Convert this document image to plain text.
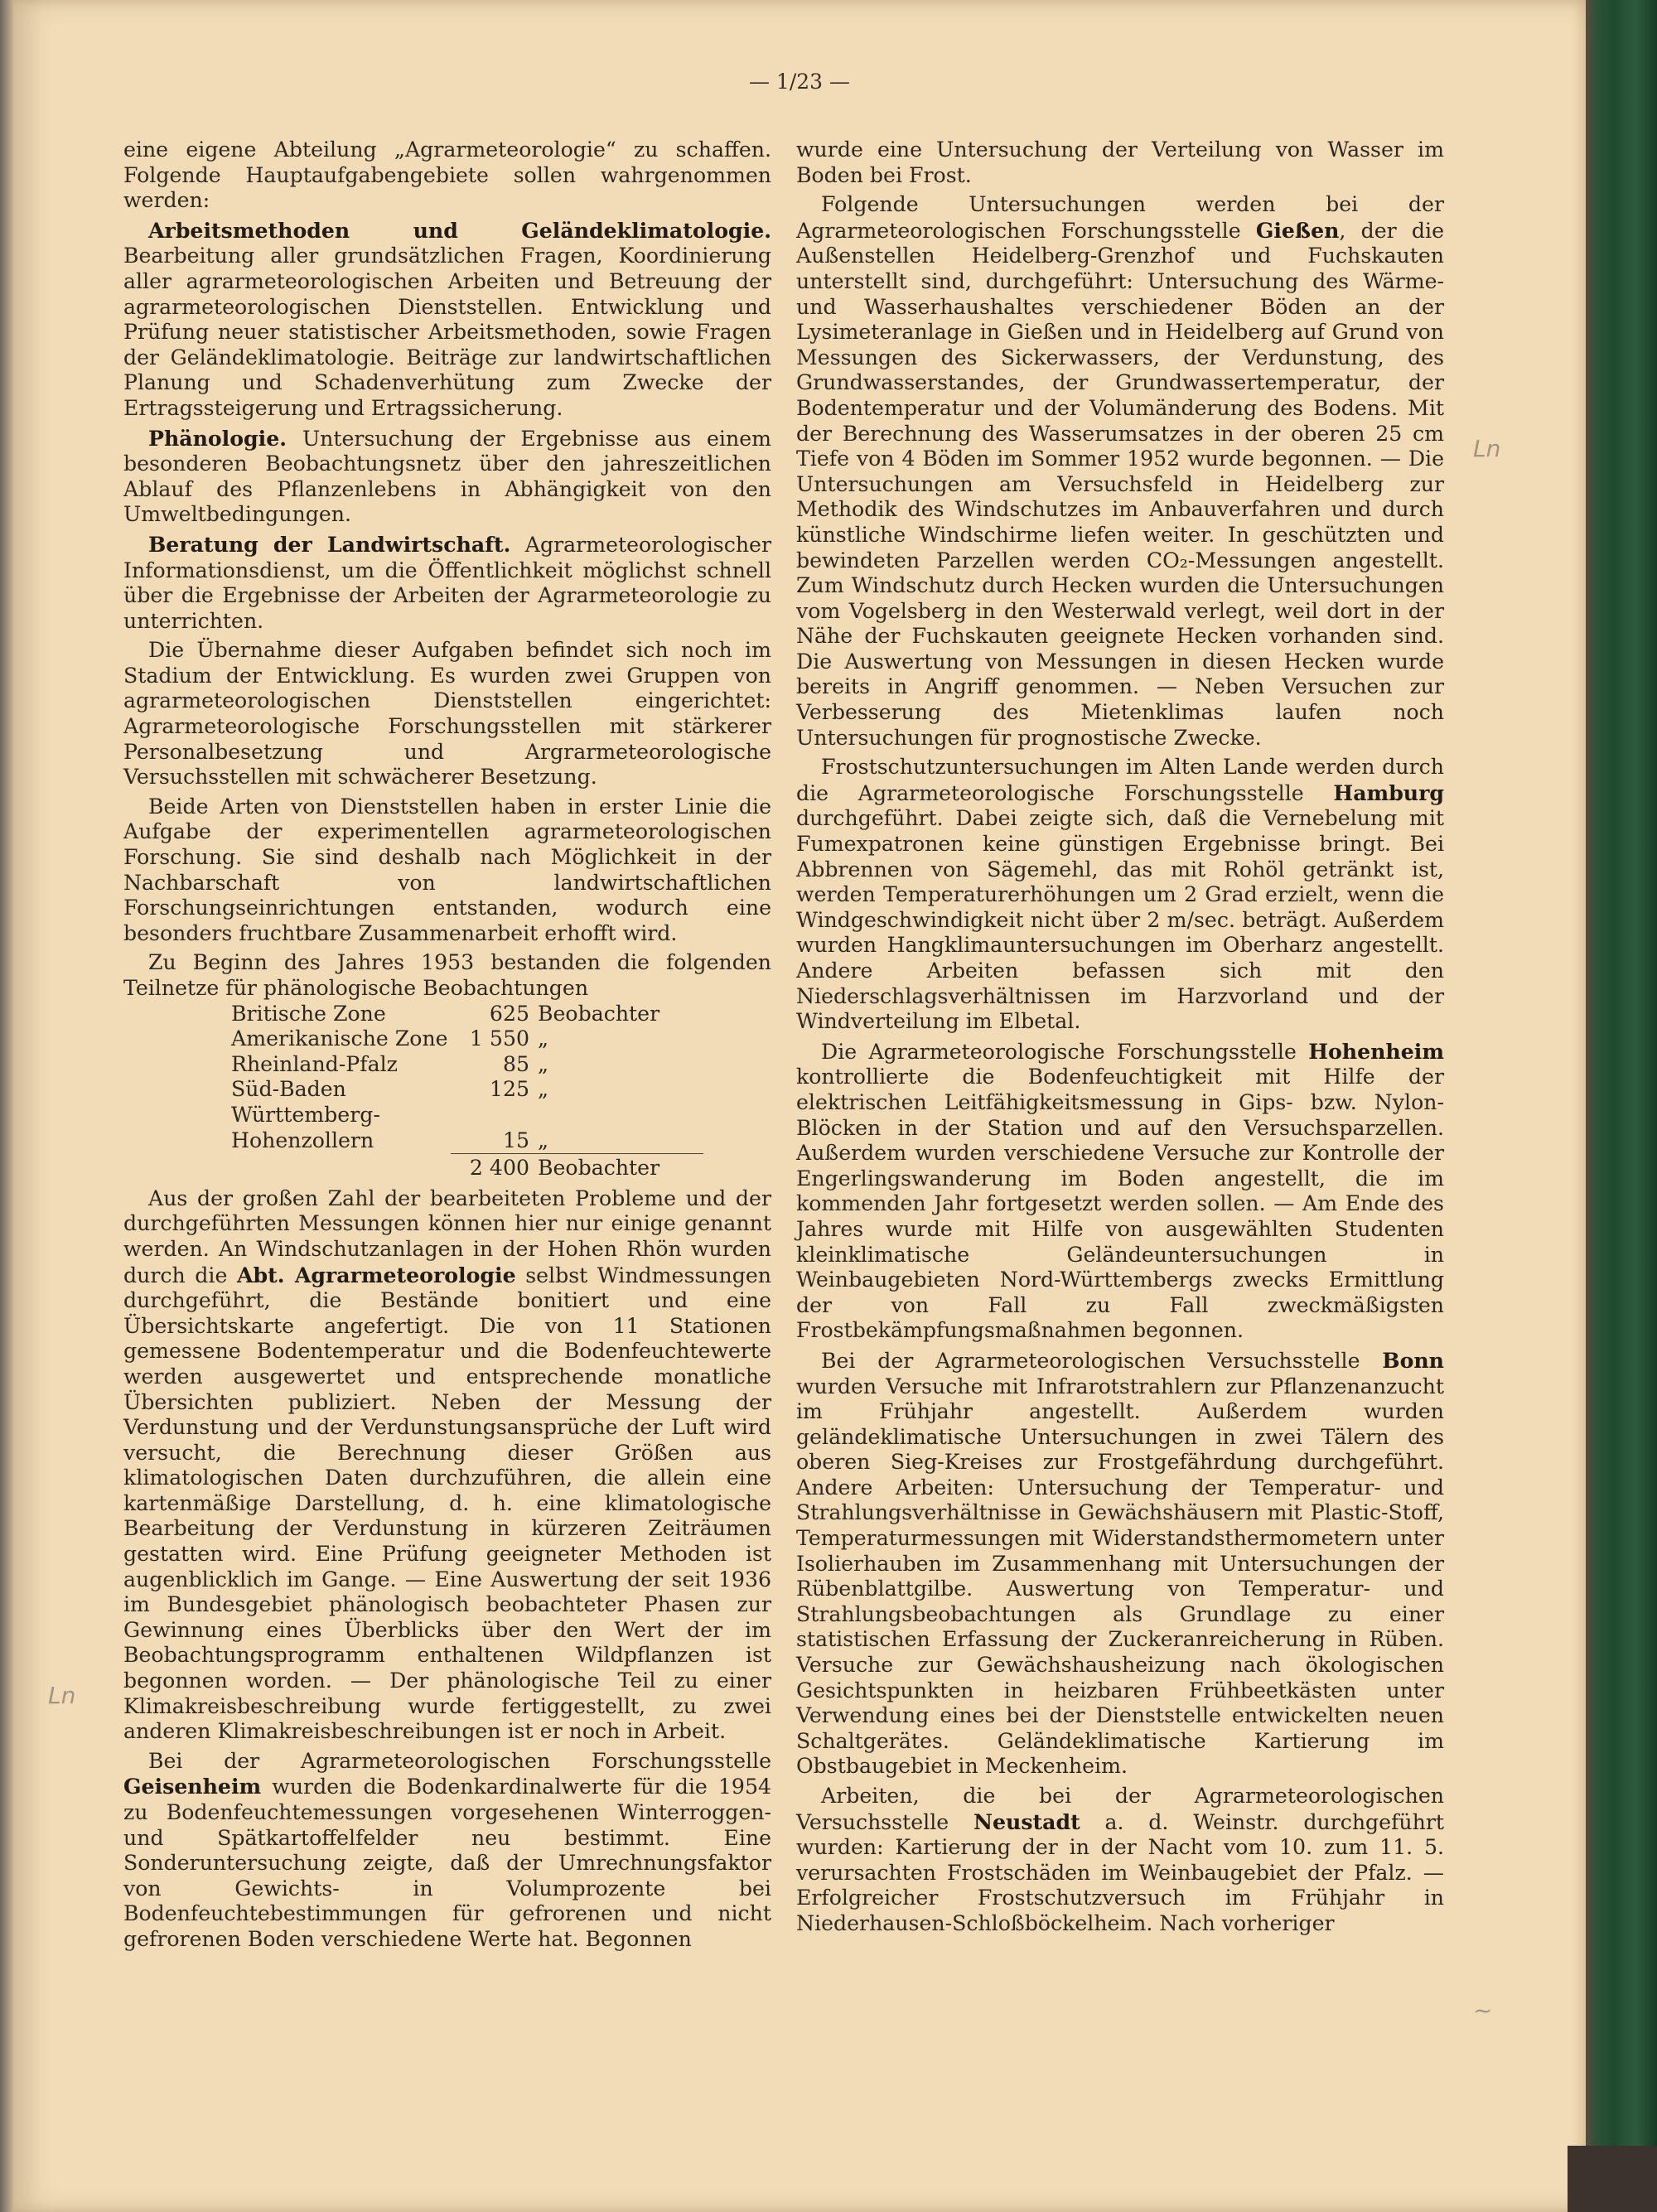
— 1/23 —

eine eigene Abteilung „Agrarmeteorologie“ zu schaffen. Folgende Hauptaufgabengebiete sollen wahrgenommen werden:

Arbeitsmethoden und Geländeklimatologie. Bearbeitung aller grundsätzlichen Fragen, Koordinierung aller agrarmeteorologischen Arbeiten und Betreuung der agrarmeteorologischen Dienststellen. Entwicklung und Prüfung neuer statistischer Arbeitsmethoden, sowie Fragen der Geländeklimatologie. Beiträge zur landwirtschaftlichen Planung und Schadenverhütung zum Zwecke der Ertragssteigerung und Ertragssicherung.

Phänologie. Untersuchung der Ergebnisse aus einem besonderen Beobachtungsnetz über den jahreszeitlichen Ablauf des Pflanzenlebens in Abhängigkeit von den Umweltbedingungen.

Beratung der Landwirtschaft. Agrarmeteorologischer Informationsdienst, um die Öffentlichkeit möglichst schnell über die Ergebnisse der Arbeiten der Agrarmeteorologie zu unterrichten.

Die Übernahme dieser Aufgaben befindet sich noch im Stadium der Entwicklung. Es wurden zwei Gruppen von agrarmeteorologischen Dienststellen eingerichtet: Agrarmeteorologische Forschungsstellen mit stärkerer Personalbesetzung und Argrarmeteorologische Versuchsstellen mit schwächerer Besetzung.

Beide Arten von Dienststellen haben in erster Linie die Aufgabe der experimentellen agrarmeteorologischen Forschung. Sie sind deshalb nach Möglichkeit in der Nachbarschaft von landwirtschaftlichen Forschungseinrichtungen entstanden, wodurch eine besonders fruchtbare Zusammenarbeit erhofft wird.

Zu Beginn des Jahres 1953 bestanden die folgenden Teilnetze für phänologische Beobachtungen

Britische Zone	625	Beobachter
Amerikanische Zone	1 550	„
Rheinland-Pfalz	85	„
Süd-Baden	125	„
Württemberg-		
Hohenzollern	15	„
	2 400	Beobachter

Aus der großen Zahl der bearbeiteten Probleme und der durchgeführten Messungen können hier nur einige genannt werden. An Windschutzanlagen in der Hohen Rhön wurden durch die Abt. Agrarmeteorologie selbst Windmessungen durchgeführt, die Bestände bonitiert und eine Übersichtskarte angefertigt. Die von 11 Stationen gemessene Bodentemperatur und die Bodenfeuchtewerte werden ausgewertet und entsprechende monatliche Übersichten publiziert. Neben der Messung der Verdunstung und der Verdunstungsansprüche der Luft wird versucht, die Berechnung dieser Größen aus klimatologischen Daten durchzuführen, die allein eine kartenmäßige Darstellung, d. h. eine klimatologische Bearbeitung der Verdunstung in kürzeren Zeiträumen gestatten wird. Eine Prüfung geeigneter Methoden ist augenblicklich im Gange. — Eine Auswertung der seit 1936 im Bundesgebiet phänologisch beobachteter Phasen zur Gewinnung eines Überblicks über den Wert der im Beobachtungsprogramm enthaltenen Wildpflanzen ist begonnen worden. — Der phänologische Teil zu einer Klimakreisbeschreibung wurde fertiggestellt, zu zwei anderen Klimakreisbeschreibungen ist er noch in Arbeit.

Bei der Agrarmeteorologischen Forschungsstelle Geisenheim wurden die Bodenkardinalwerte für die 1954 zu Bodenfeuchtemessungen vorgesehenen Winterroggen- und Spätkartoffelfelder neu bestimmt. Eine Sonderuntersuchung zeigte, daß der Umrechnungsfaktor von Gewichts- in Volumprozente bei Bodenfeuchtebestimmungen für gefrorenen und nicht gefrorenen Boden verschiedene Werte hat. Begonnen

wurde eine Untersuchung der Verteilung von Wasser im Boden bei Frost.

Folgende Untersuchungen werden bei der Agrarmeteorologischen Forschungsstelle Gießen, der die Außenstellen Heidelberg-Grenzhof und Fuchskauten unterstellt sind, durchgeführt: Untersuchung des Wärme- und Wasserhaushaltes verschiedener Böden an der Lysimeteranlage in Gießen und in Heidelberg auf Grund von Messungen des Sickerwassers, der Verdunstung, des Grundwasserstandes, der Grundwassertemperatur, der Bodentemperatur und der Volumänderung des Bodens. Mit der Berechnung des Wasserumsatzes in der oberen 25 cm Tiefe von 4 Böden im Sommer 1952 wurde begonnen. — Die Untersuchungen am Versuchsfeld in Heidelberg zur Methodik des Windschutzes im Anbauverfahren und durch künstliche Windschirme liefen weiter. In geschützten und bewindeten Parzellen werden CO₂-Messungen angestellt. Zum Windschutz durch Hecken wurden die Untersuchungen vom Vogelsberg in den Westerwald verlegt, weil dort in der Nähe der Fuchskauten geeignete Hecken vorhanden sind. Die Auswertung von Messungen in diesen Hecken wurde bereits in Angriff genommen. — Neben Versuchen zur Verbesserung des Mietenklimas laufen noch Untersuchungen für prognostische Zwecke.

Frostschutzuntersuchungen im Alten Lande werden durch die Agrarmeteorologische Forschungsstelle Hamburg durchgeführt. Dabei zeigte sich, daß die Vernebelung mit Fumexpatronen keine günstigen Ergebnisse bringt. Bei Abbrennen von Sägemehl, das mit Rohöl getränkt ist, werden Temperaturerhöhungen um 2 Grad erzielt, wenn die Windgeschwindigkeit nicht über 2 m/sec. beträgt. Außerdem wurden Hangklimauntersuchungen im Oberharz angestellt. Andere Arbeiten befassen sich mit den Niederschlagsverhältnissen im Harzvorland und der Windverteilung im Elbetal.

Die Agrarmeteorologische Forschungsstelle Hohenheim kontrollierte die Bodenfeuchtigkeit mit Hilfe der elektrischen Leitfähigkeitsmessung in Gips- bzw. Nylon-Blöcken in der Station und auf den Versuchsparzellen. Außerdem wurden verschiedene Versuche zur Kontrolle der Engerlingswanderung im Boden angestellt, die im kommenden Jahr fortgesetzt werden sollen. — Am Ende des Jahres wurde mit Hilfe von ausgewählten Studenten kleinklimatische Geländeuntersuchungen in Weinbaugebieten Nord-Württembergs zwecks Ermittlung der von Fall zu Fall zweckmäßigsten Frostbekämpfungsmaßnahmen begonnen.

Bei der Agrarmeteorologischen Versuchsstelle Bonn wurden Versuche mit Infrarotstrahlern zur Pflanzenanzucht im Frühjahr angestellt. Außerdem wurden geländeklimatische Untersuchungen in zwei Tälern des oberen Sieg-Kreises zur Frostgefährdung durchgeführt. Andere Arbeiten: Untersuchung der Temperatur- und Strahlungsverhältnisse in Gewächshäusern mit Plastic-Stoff, Temperaturmessungen mit Widerstandsthermometern unter Isolierhauben im Zusammenhang mit Untersuchungen der Rübenblattgilbe. Auswertung von Temperatur- und Strahlungsbeobachtungen als Grundlage zu einer statistischen Erfassung der Zuckeranreicherung in Rüben. Versuche zur Gewächshausheizung nach ökologischen Gesichtspunkten in heizbaren Frühbeetkästen unter Verwendung eines bei der Dienststelle entwickelten neuen Schaltgerätes. Geländeklimatische Kartierung im Obstbaugebiet in Meckenheim.

Arbeiten, die bei der Agrarmeteorologischen Versuchsstelle Neustadt a. d. Weinstr. durchgeführt wurden: Kartierung der in der Nacht vom 10. zum 11. 5. verursachten Frostschäden im Weinbaugebiet der Pfalz. — Erfolgreicher Frostschutzversuch im Frühjahr in Niederhausen-Schloßböckelheim. Nach vorheriger

Ln
Ln
~
